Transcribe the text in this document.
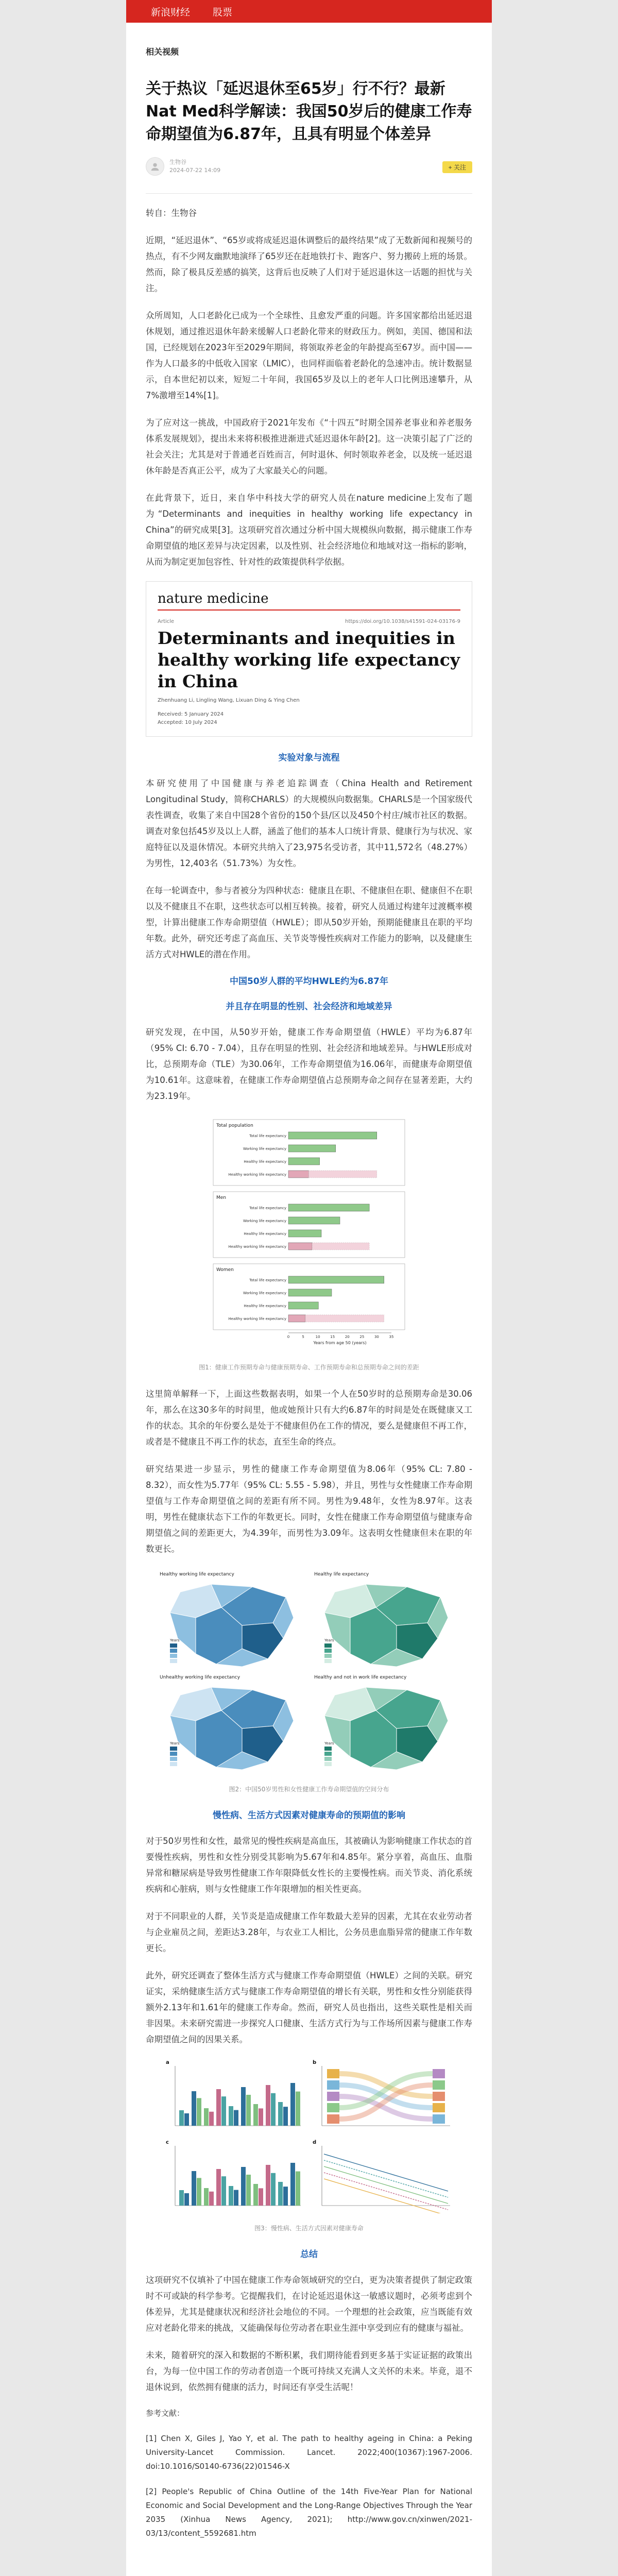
新浪财经 股票
相关视频
关于热议「延迟退休至65岁」行不行？最新Nat Med科学解读：我国50岁后的健康工作寿命期望值为6.87年，且具有明显个体差异
生物谷
2024-07-22 14:09	+ 关注

转自：生物谷

近期，“延迟退休”、“65岁或将成延迟退休调整后的最终结果”成了无数新闻和视频号的热点，有不少网友幽默地演绎了65岁还在赶地铁打卡、跑客户、努力搬砖上班的场景。然而，除了极具反差感的搞笑，这背后也反映了人们对于延迟退休这一话题的担忧与关注。

众所周知，人口老龄化已成为一个全球性、且愈发严重的问题。许多国家都给出延迟退休规划，通过推迟退休年龄来缓解人口老龄化带来的财政压力。例如，美国、德国和法国，已经规划在2023年至2029年期间，将领取养老金的年龄提高至67岁。而中国——作为人口最多的中低收入国家（LMIC），也同样面临着老龄化的急速冲击。统计数据显示，自本世纪初以来，短短二十年间，我国65岁及以上的老年人口比例迅速攀升，从7%激增至14%[1]。

为了应对这一挑战，中国政府于2021年发布《“十四五”时期全国养老事业和养老服务体系发展规划》，提出未来将积极推进渐进式延迟退休年龄[2]。这一决策引起了广泛的社会关注；尤其是对于普通老百姓而言，何时退休、何时领取养老金，以及统一延迟退休年龄是否真正公平，成为了大家最关心的问题。

在此背景下，近日，来自华中科技大学的研究人员在nature medicine上发布了题为“Determinants and inequities in healthy working life expectancy in China”的研究成果[3]。这项研究首次通过分析中国大规模纵向数据，揭示健康工作寿命期望值的地区差异与决定因素，以及性别、社会经济地位和地域对这一指标的影响，从而为制定更加包容性、针对性的政策提供科学依据。

nature medicine
Article	https://doi.org/10.1038/s41591-024-03176-9
Determinants and inequities in healthy working life expectancy in China
Zhenhuang Li, Lingling Wang, Lixuan Ding & Ying Chen
Received: 5 January 2024
Accepted: 10 July 2024
实验对象与流程

本研究使用了中国健康与养老追踪调查（China Health and Retirement Longitudinal Study，简称CHARLS）的大规模纵向数据集。CHARLS是一个国家级代表性调查，收集了来自中国28个省份的150个县/区以及450个村庄/城市社区的数据。调查对象包括45岁及以上人群，涵盖了他们的基本人口统计背景、健康行为与状况、家庭特征以及退休情况。本研究共纳入了23,975名受访者，其中11,572名（48.27%）为男性，12,403名（51.73%）为女性。

在每一轮调查中，参与者被分为四种状态：健康且在职、不健康但在职、健康但不在职以及不健康且不在职，这些状态可以相互转换。接着，研究人员通过构建年过渡概率模型，计算出健康工作寿命期望值（HWLE）；即从50岁开始，预期能健康且在职的平均年数。此外，研究还考虑了高血压、关节炎等慢性疾病对工作能力的影响，以及健康生活方式对HWLE的潜在作用。

中国50岁人群的平均HWLE约为6.87年
并且存在明显的性别、社会经济和地域差异

研究发现，在中国，从50岁开始，健康工作寿命期望值（HWLE）平均为6.87年（95% CI: 6.70 - 7.04），且存在明显的性别、社会经济和地域差异。与HWLE形成对比，总预期寿命（TLE）为30.06年，工作寿命期望值为16.06年，而健康寿命期望值为10.61年。这意味着，在健康工作寿命期望值占总预期寿命之间存在显著差距，大约为23.19年。

Total population
Total life expectancy
Working life expectancy
Healthy life expectancy
Healthy working life expectancy
Men
Total life expectancy
Working life expectancy
Healthy life expectancy
Healthy working life expectancy
Women
Total life expectancy
Working life expectancy
Healthy life expectancy
Healthy working life expectancy
0	5	10	15	20	25	30	35
Years from age 50 (years)
图1：健康工作预期寿命与健康预期寿命、工作预期寿命和总预期寿命之间的差距

这里简单解释一下，上面这些数据表明，如果一个人在50岁时的总预期寿命是30.06年，那么在这30多年的时间里，他或她预计只有大约6.87年的时间是处在既健康又工作的状态。其余的年份要么是处于不健康但仍在工作的情况，要么是健康但不再工作，或者是不健康且不再工作的状态，直至生命的终点。

研究结果进一步显示，男性的健康工作寿命期望值为8.06年（95% CL: 7.80 - 8.32），而女性为5.77年（95% CL: 5.55 - 5.98），并且，男性与女性健康工作寿命期望值与工作寿命期望值之间的差距有所不同。男性为9.48年，女性为8.97年。这表明，男性在健康状态下工作的年数更长。同时，女性在健康工作寿命期望值与健康寿命期望值之间的差距更大，为4.39年，而男性为3.09年。这表明女性健康但未在职的年数更长。

Healthy working life expectancy
Years
Healthy life expectancy
Years
Unhealthy working life expectancy
Years
Healthy and not in work life expectancy
Years
图2：中国50岁男性和女性健康工作寿命期望值的空间分布
慢性病、生活方式因素对健康寿命的预期值的影响

对于50岁男性和女性，最常见的慢性疾病是高血压，其被确认为影响健康工作状态的首要慢性疾病，男性和女性分别受其影响为5.67年和4.85年。紧分享着，高血压、血脂异常和糖尿病是导致男性健康工作年限降低女性长的主要慢性病。而关节炎、消化系统疾病和心脏病，则与女性健康工作年限增加的相关性更高。

对于不同职业的人群，关节炎是造成健康工作年数最大差异的因素，尤其在农业劳动者与企业雇员之间，差距达3.28年，与农业工人相比，公务员患血脂异常的健康工作年数更长。

此外，研究还调查了整体生活方式与健康工作寿命期望值（HWLE）之间的关联。研究证实，采纳健康生活方式与健康工作寿命期望值的增长有关联，男性和女性分别能获得额外2.13年和1.61年的健康工作寿命。然而，研究人员也指出，这些关联性是相关而非因果。未来研究需进一步探究人口健康、生活方式行为与工作场所因素与健康工作寿命期望值之间的因果关系。

a	b
c	d
图3：慢性病、生活方式因素对健康寿命
总结

这项研究不仅填补了中国在健康工作寿命领域研究的空白，更为决策者提供了制定政策时不可或缺的科学参考。它提醒我们，在讨论延迟退休这一敏感议题时，必须考虑到个体差异，尤其是健康状况和经济社会地位的不同。一个理想的社会政策，应当既能有效应对老龄化带来的挑战，又能确保每位劳动者在职业生涯中享受到应有的健康与福祉。

未来，随着研究的深入和数据的不断积累，我们期待能看到更多基于实证证据的政策出台，为每一位中国工作的劳动者创造一个既可持续又充满人文关怀的未来。毕竟，退不退休说到，依然拥有健康的活力，时间还有享受生活呢！

参考文献：

[1] Chen X, Giles J, Yao Y, et al. The path to healthy ageing in China: a Peking University-Lancet Commission. Lancet. 2022;400(10367):1967-2006. doi:10.1016/S0140-6736(22)01546-X

[2] People's Republic of China Outline of the 14th Five-Year Plan for National Economic and Social Development and the Long-Range Objectives Through the Year 2035 (Xinhua News Agency, 2021); http://www.gov.cn/xinwen/2021-03/13/content_5592681.htm
